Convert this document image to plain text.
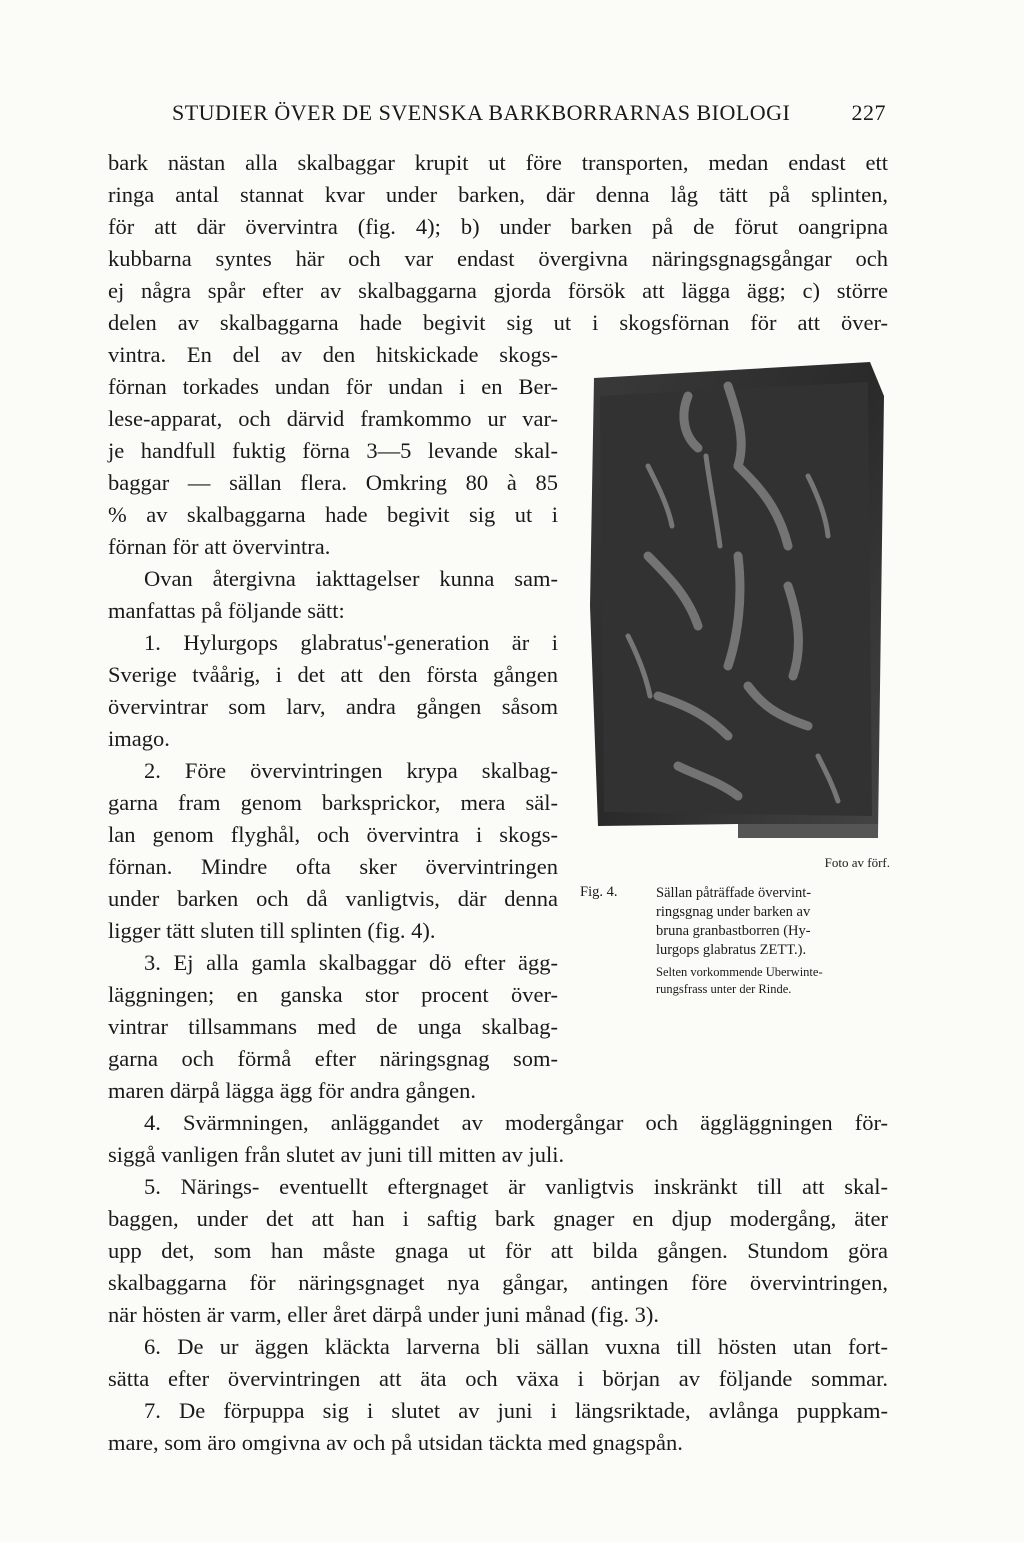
STUDIER ÖVER DE SVENSKA BARKBORRARNAS BIOLOGI	227
bark nästan alla skalbaggar krupit ut före transporten, medan endast ett
ringa antal stannat kvar under barken, där denna låg tätt på splinten,
för att där övervintra (fig. 4); b) under barken på de förut oangripna
kubbarna syntes här och var endast övergivna näringsgnagsgångar och
ej några spår efter av skalbaggarna gjorda försök att lägga ägg; c) större
delen av skalbaggarna hade begivit sig ut i skogsförnan för att över-
vintra. En del av den hitskickade skogs-
förnan torkades undan för undan i en Ber-
lese-apparat, och därvid framkommo ur var-
je handfull fuktig förna 3—5 levande skal-
baggar — sällan flera. Omkring 80 à 85
% av skalbaggarna hade begivit sig ut i
förnan för att övervintra.
Ovan återgivna iakttagelser kunna sam-
manfattas på följande sätt:
1. Hylurgops glabratus'-generation är i
Sverige tvåårig, i det att den första gången
övervintrar som larv, andra gången såsom
imago.
2. Före övervintringen krypa skalbag-
garna fram genom barksprickor, mera säl-
lan genom flyghål, och övervintra i skogs-
förnan. Mindre ofta sker övervintringen
under barken och då vanligtvis, där denna
ligger tätt sluten till splinten (fig. 4).
3. Ej alla gamla skalbaggar dö efter ägg-
läggningen; en ganska stor procent över-
vintrar tillsammans med de unga skalbag-
garna och förmå efter näringsgnag som-
maren därpå lägga ägg för andra gången.
4. Svärmningen, anläggandet av modergångar och äggläggningen för-
siggå vanligen från slutet av juni till mitten av juli.
5. Närings- eventuellt eftergnaget är vanligtvis inskränkt till att skal-
baggen, under det att han i saftig bark gnager en djup modergång, äter
upp det, som han måste gnaga ut för att bilda gången. Stundom göra
skalbaggarna för näringsgnaget nya gångar, antingen före övervintringen,
när hösten är varm, eller året därpå under juni månad (fig. 3).
6. De ur äggen kläckta larverna bli sällan vuxna till hösten utan fort-
sätta efter övervintringen att äta och växa i början av följande sommar.
7. De förpuppa sig i slutet av juni i längsriktade, avlånga puppkam-
mare, som äro omgivna av och på utsidan täckta med gnagspån.
Foto av förf.
Fig. 4.	Sällan påträffade övervint-
ringsgnag under barken av
bruna granbastborren (Hy-
lurgops glabratus ZETT.).
Selten vorkommende Uberwinte-
rungsfrass unter der Rinde.
